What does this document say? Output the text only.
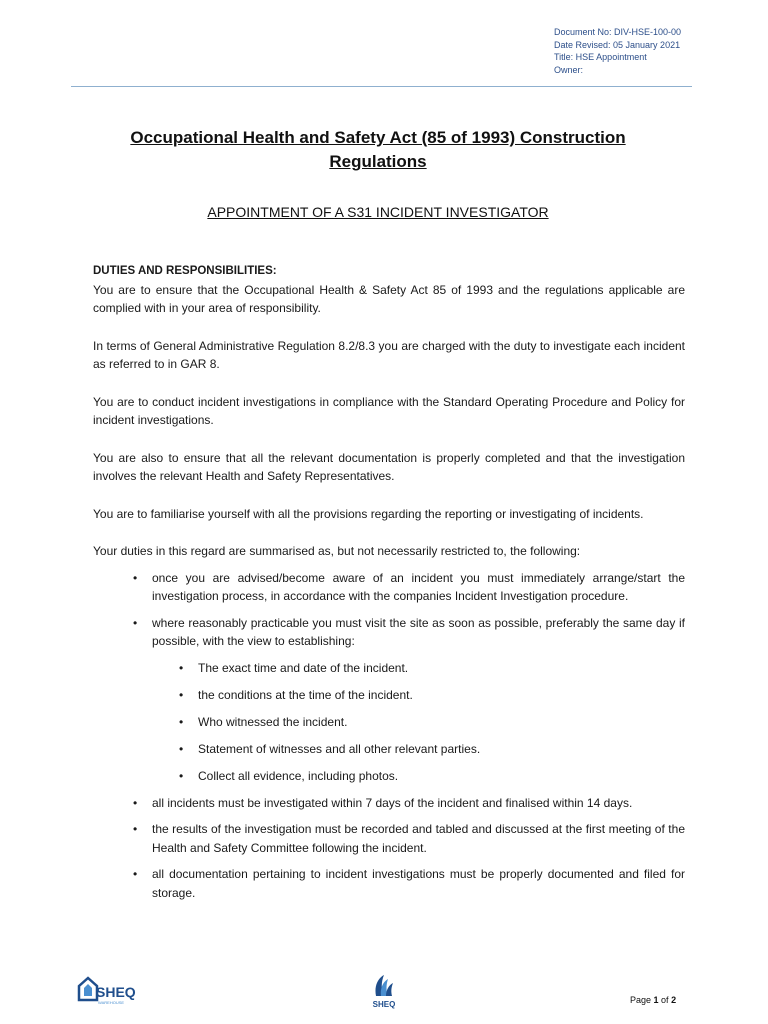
Document No: DIV-HSE-100-00
Date Revised: 05 January 2021
Title: HSE Appointment
Owner:
Occupational Health and Safety Act (85 of 1993) Construction Regulations
APPOINTMENT OF A S31 INCIDENT INVESTIGATOR
DUTIES AND RESPONSIBILITIES:

You are to ensure that the Occupational Health & Safety Act 85 of 1993 and the regulations applicable are complied with in your area of responsibility.

In terms of General Administrative Regulation 8.2/8.3 you are charged with the duty to investigate each incident as referred to in GAR 8.

You are to conduct incident investigations in compliance with the Standard Operating Procedure and Policy for incident investigations.

You are also to ensure that all the relevant documentation is properly completed and that the investigation involves the relevant Health and Safety Representatives.

You are to familiarise yourself with all the provisions regarding the reporting or investigating of incidents.

Your duties in this regard are summarised as, but not necessarily restricted to, the following:

• once you are advised/become aware of an incident you must immediately arrange/start the investigation process, in accordance with the companies Incident Investigation procedure.
• where reasonably practicable you must visit the site as soon as possible, preferably the same day if possible, with the view to establishing:
• The exact time and date of the incident.
• the conditions at the time of the incident.
• Who witnessed the incident.
• Statement of witnesses and all other relevant parties.
• Collect all evidence, including photos.
• all incidents must be investigated within 7 days of the incident and finalised within 14 days.
• the results of the investigation must be recorded and tabled and discussed at the first meeting of the Health and Safety Committee following the incident.
• all documentation pertaining to incident investigations must be properly documented and filed for storage.
SHEQ
WAREHOUSE	SHEQ	Page 1 of 2
